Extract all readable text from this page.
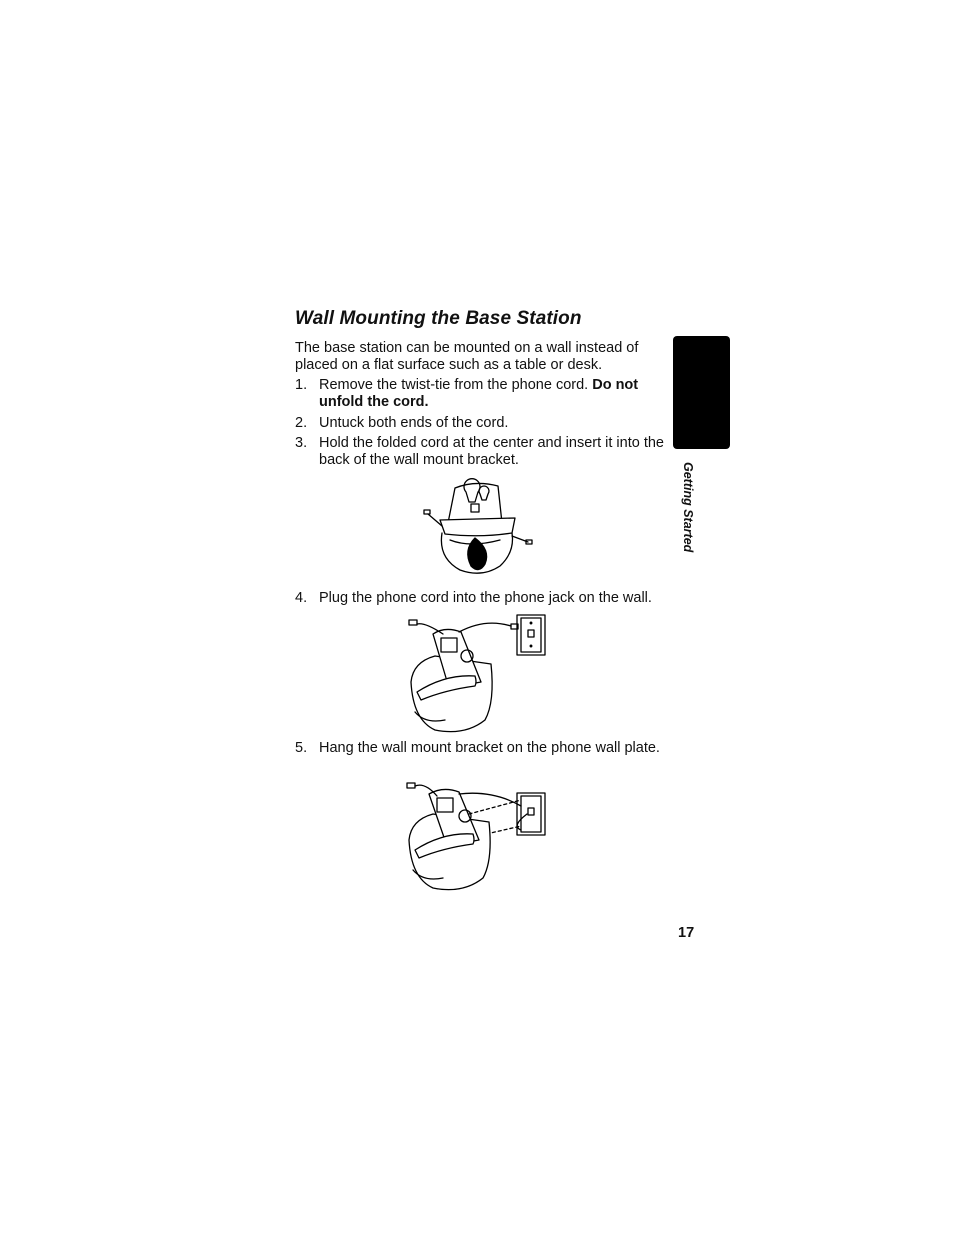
Wall Mounting the Base Station

The base station can be mounted on a wall instead of placed on a flat surface such as a table or desk.

1. Remove the twist-tie from the phone cord. Do not unfold the cord.
2. Untuck both ends of the cord.
3. Hold the folded cord at the center and insert it into the back of the wall mount bracket.
4. Plug the phone cord into the phone jack on the wall.
5. Hang the wall mount bracket on the phone wall plate.
Getting Started
17
